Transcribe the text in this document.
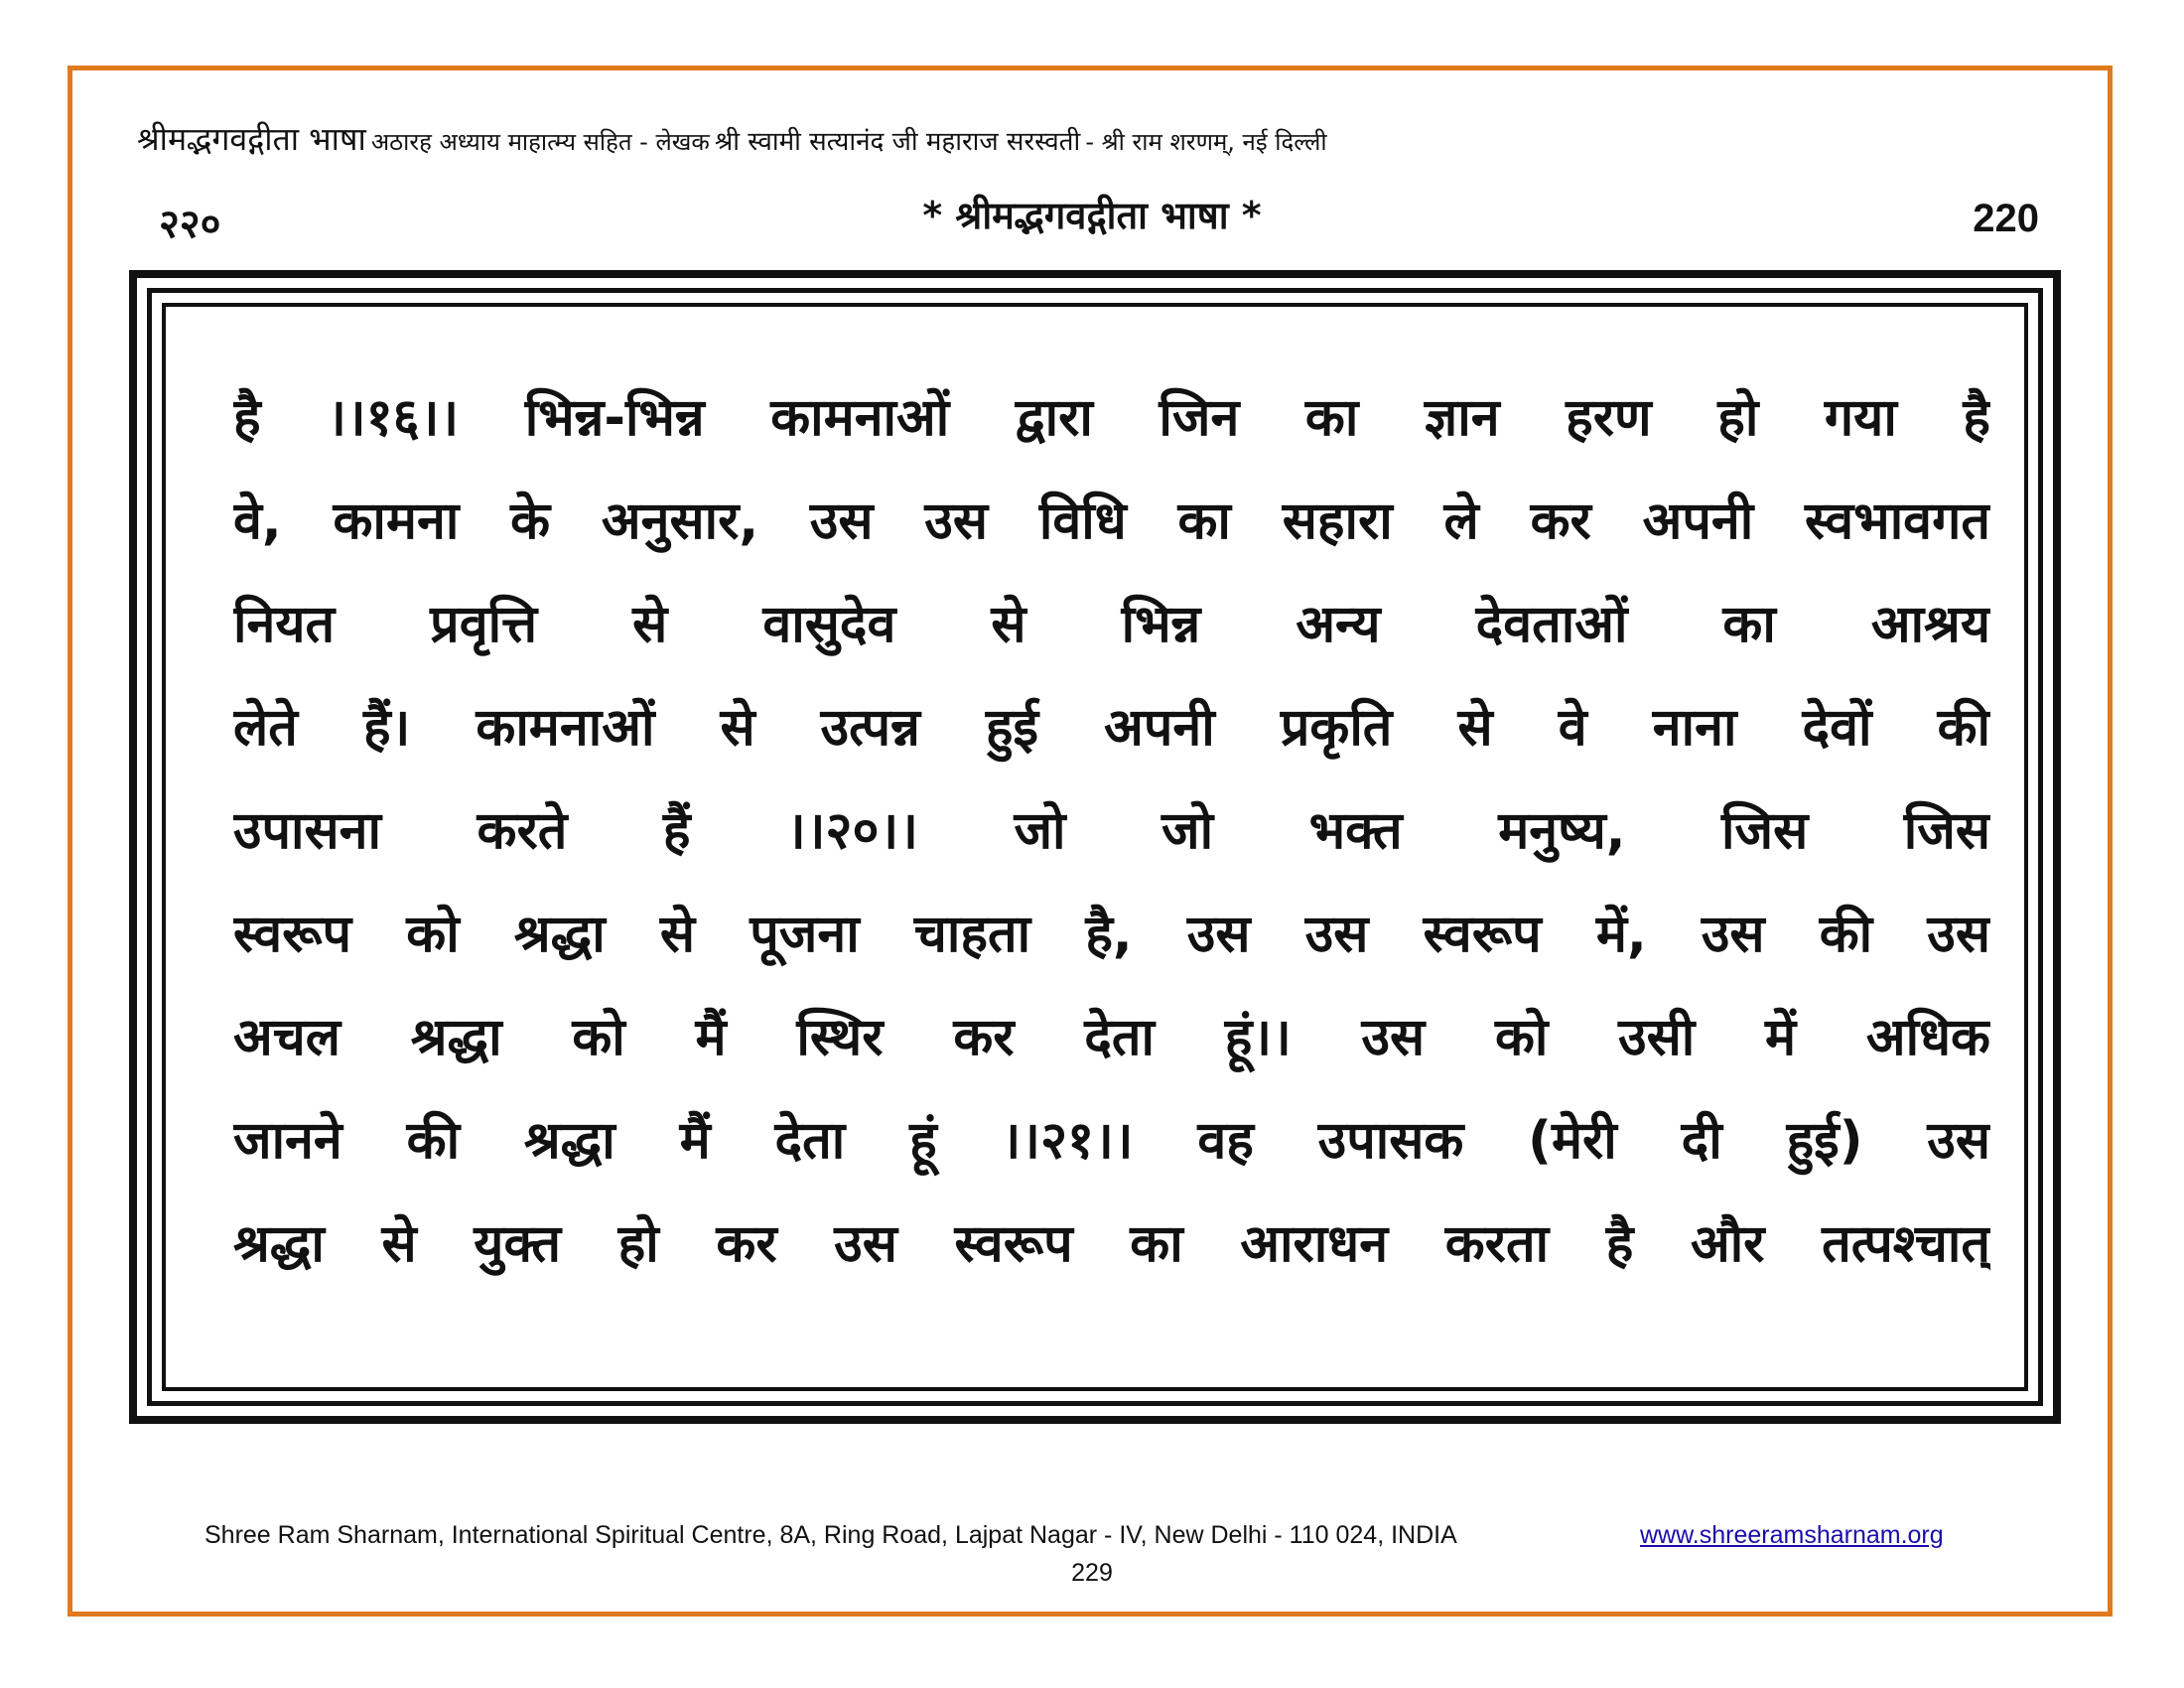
श्रीमद्भगवद्गीता भाषा अठारह अध्याय माहात्म्य सहित - लेखक श्री स्वामी सत्यानंद जी महाराज सरस्वती - श्री राम शरणम्, नई दिल्ली
२२०	* श्रीमद्भगवद्गीता भाषा *	220
है ।।१६।। भिन्न-भिन्न कामनाओं द्वारा जिन का ज्ञान हरण हो गया है
वे, कामना के अनुसार, उस उस विधि का सहारा ले कर अपनी स्वभावगत
नियत प्रवृत्ति से वासुदेव से भिन्न अन्य देवताओं का आश्रय
लेते हैं। कामनाओं से उत्पन्न हुई अपनी प्रकृति से वे नाना देवों की
उपासना करते हैं ।।२०।। जो जो भक्त मनुष्य, जिस जिस
स्वरूप को श्रद्धा से पूजना चाहता है, उस उस स्वरूप में, उस की उस
अचल श्रद्धा को मैं स्थिर कर देता हूं।। उस को उसी में अधिक
जानने की श्रद्धा मैं देता हूं ।।२१।। वह उपासक (मेरी दी हुई) उस
श्रद्धा से युक्त हो कर उस स्वरूप का आराधन करता है और तत्पश्चात्
Shree Ram Sharnam, International Spiritual Centre, 8A, Ring Road, Lajpat Nagar - IV, New Delhi - 110 024, INDIA	www.shreeramsharnam.org
229
